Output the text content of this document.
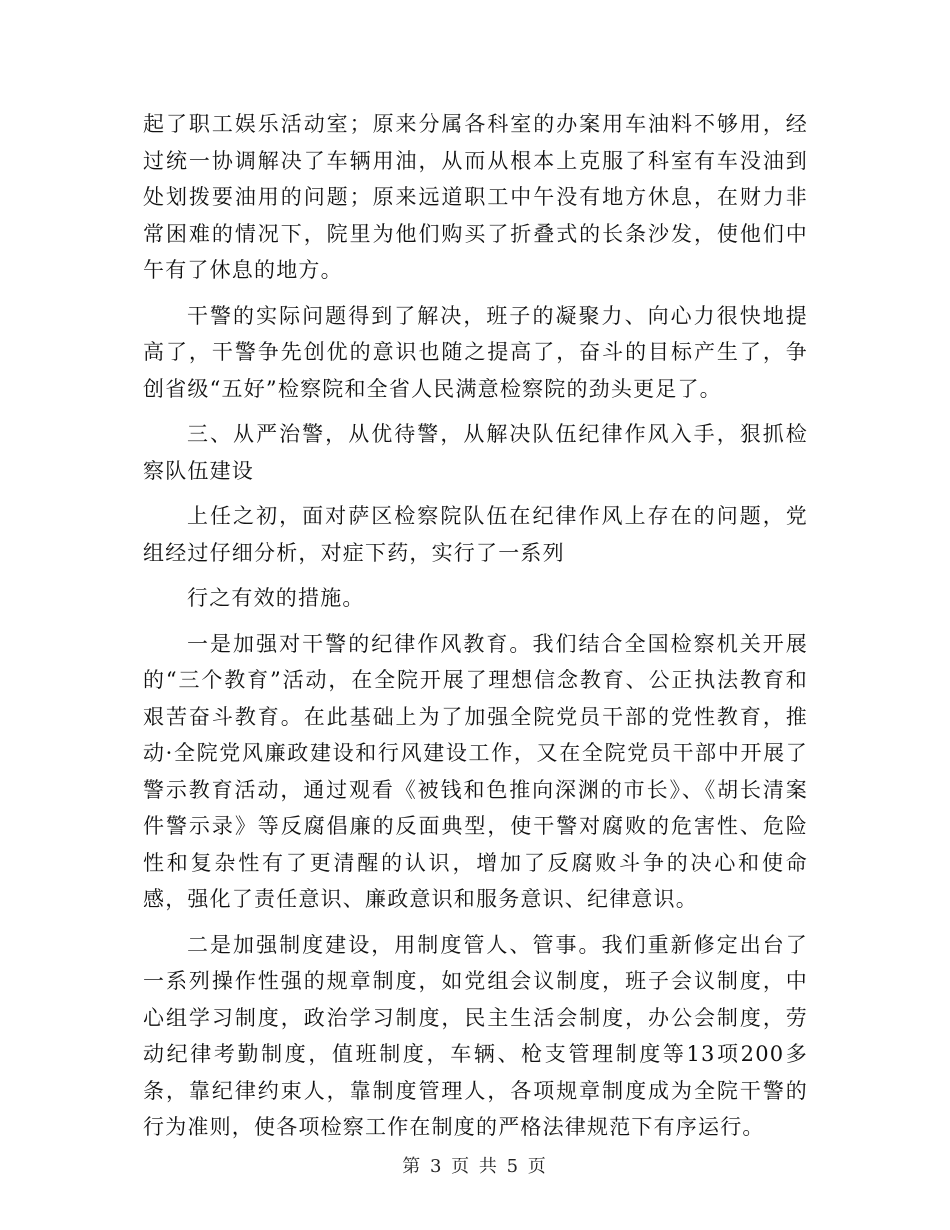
起了职工娱乐活动室；原来分属各科室的办案用车油料不够用，经过统一协调解决了车辆用油，从而从根本上克服了科室有车没油到处划拨要油用的问题；原来远道职工中午没有地方休息，在财力非常困难的情况下，院里为他们购买了折叠式的长条沙发，使他们中午有了休息的地方。

干警的实际问题得到了解决，班子的凝聚力、向心力很快地提高了，干警争先创优的意识也随之提高了，奋斗的目标产生了，争创省级“五好”检察院和全省人民满意检察院的劲头更足了。

三、从严治警，从优待警，从解决队伍纪律作风入手，狠抓检察队伍建设

上任之初，面对萨区检察院队伍在纪律作风上存在的问题，党组经过仔细分析，对症下药，实行了一系列

行之有效的措施。

一是加强对干警的纪律作风教育。我们结合全国检察机关开展的“三个教育”活动，在全院开展了理想信念教育、公正执法教育和艰苦奋斗教育。在此基础上为了加强全院党员干部的党性教育，推动·全院党风廉政建设和行风建设工作，又在全院党员干部中开展了警示教育活动，通过观看《被钱和色推向深渊的市长》、《胡长清案件警示录》等反腐倡廉的反面典型，使干警对腐败的危害性、危险性和复杂性有了更清醒的认识，增加了反腐败斗争的决心和使命感，强化了责任意识、廉政意识和服务意识、纪律意识。

二是加强制度建设，用制度管人、管事。我们重新修定出台了一系列操作性强的规章制度，如党组会议制度，班子会议制度，中心组学习制度，政治学习制度，民主生活会制度，办公会制度，劳动纪律考勤制度，值班制度，车辆、枪支管理制度等13项200多条，靠纪律约束人，靠制度管理人，各项规章制度成为全院干警的行为准则，使各项检察工作在制度的严格法律规范下有序运行。

第 3 页 共 5 页
